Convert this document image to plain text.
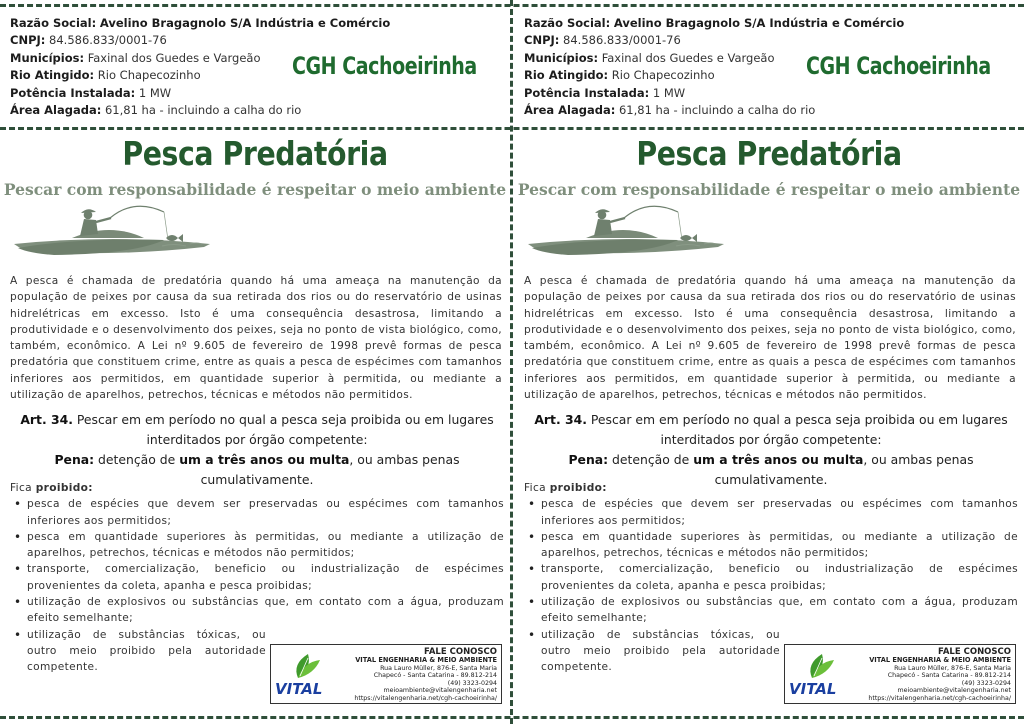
Razão Social: Avelino Bragagnolo S/A Indústria e Comércio
CNPJ: 84.586.833/0001-76
Municípios: Faxinal dos Guedes e Vargeão
Rio Atingido: Rio Chapecozinho
Potência Instalada: 1 MW
Área Alagada: 61,81 ha - incluindo a calha do rio
CGH Cachoeirinha
Pesca Predatória
Pescar com responsabilidade é respeitar o meio ambiente
A pesca é chamada de predatória quando há uma ameaça na manutenção da população de peixes por causa da sua retirada dos rios ou do reservatório de usinas hidrelétricas em excesso. Isto é uma consequência desastrosa, limitando a produtividade e o desenvolvimento dos peixes, seja no ponto de vista biológico, como, também, econômico. A Lei nº 9.605 de fevereiro de 1998 prevê formas de pesca predatória que constituem crime, entre as quais a pesca de espécimes com tamanhos inferiores aos permitidos, em quantidade superior à permitida, ou mediante a utilização de aparelhos, petrechos, técnicas e métodos não permitidos.
Art. 34. Pescar em em período no qual a pesca seja proibida ou em lugares interditados por órgão competente:
Pena: detenção de um a três anos ou multa, ou ambas penas cumulativamente.
Fica proibido:
• pesca de espécies que devem ser preservadas ou espécimes com tamanhos inferiores aos permitidos;
• pesca em quantidade superiores às permitidas, ou mediante a utilização de aparelhos, petrechos, técnicas e métodos não permitidos;
• transporte, comercialização, beneficio ou industrialização de espécimes provenientes da coleta, apanha e pesca proibidas;
• utilização de explosivos ou substâncias que, em contato com a água, produzam efeito semelhante;
• utilização de substâncias tóxicas, ou outro meio proibido pela autoridade competente.
VITAL
FALE CONOSCO
VITAL ENGENHARIA & MEIO AMBIENTE
Rua Lauro Müller, 876-E, Santa Maria
Chapecó - Santa Catarina - 89.812-214
(49) 3323-0294
meioambiente@vitalengenharia.net
https://vitalengenharia.net/cgh-cachoeirinha/
Razão Social: Avelino Bragagnolo S/A Indústria e Comércio
CNPJ: 84.586.833/0001-76
Municípios: Faxinal dos Guedes e Vargeão
Rio Atingido: Rio Chapecozinho
Potência Instalada: 1 MW
Área Alagada: 61,81 ha - incluindo a calha do rio
CGH Cachoeirinha
Pesca Predatória
Pescar com responsabilidade é respeitar o meio ambiente
A pesca é chamada de predatória quando há uma ameaça na manutenção da população de peixes por causa da sua retirada dos rios ou do reservatório de usinas hidrelétricas em excesso. Isto é uma consequência desastrosa, limitando a produtividade e o desenvolvimento dos peixes, seja no ponto de vista biológico, como, também, econômico. A Lei nº 9.605 de fevereiro de 1998 prevê formas de pesca predatória que constituem crime, entre as quais a pesca de espécimes com tamanhos inferiores aos permitidos, em quantidade superior à permitida, ou mediante a utilização de aparelhos, petrechos, técnicas e métodos não permitidos.
Art. 34. Pescar em em período no qual a pesca seja proibida ou em lugares interditados por órgão competente:
Pena: detenção de um a três anos ou multa, ou ambas penas cumulativamente.
Fica proibido:
• pesca de espécies que devem ser preservadas ou espécimes com tamanhos inferiores aos permitidos;
• pesca em quantidade superiores às permitidas, ou mediante a utilização de aparelhos, petrechos, técnicas e métodos não permitidos;
• transporte, comercialização, beneficio ou industrialização de espécimes provenientes da coleta, apanha e pesca proibidas;
• utilização de explosivos ou substâncias que, em contato com a água, produzam efeito semelhante;
• utilização de substâncias tóxicas, ou outro meio proibido pela autoridade competente.
VITAL
FALE CONOSCO
VITAL ENGENHARIA & MEIO AMBIENTE
Rua Lauro Müller, 876-E, Santa Maria
Chapecó - Santa Catarina - 89.812-214
(49) 3323-0294
meioambiente@vitalengenharia.net
https://vitalengenharia.net/cgh-cachoeirinha/
